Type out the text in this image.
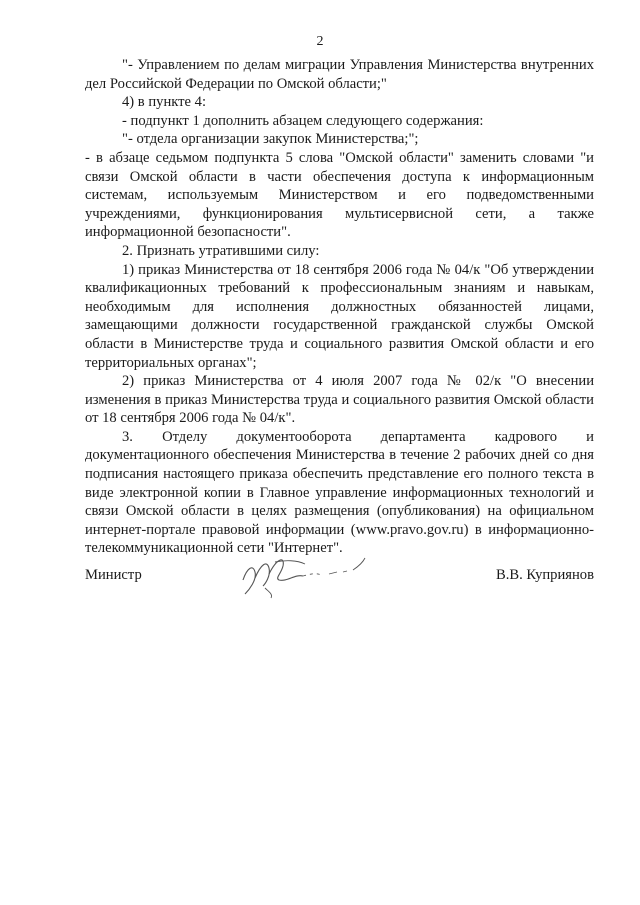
2

"- Управлением по делам миграции Управления Министерства внутренних дел Российской Федерации по Омской области;"

4) в пункте 4:

- подпункт 1 дополнить абзацем следующего содержания:

"- отдела организации закупок Министерства;";

- в абзаце седьмом подпункта 5 слова "Омской области" заменить словами "и связи Омской области в части обеспечения доступа к информационным системам, используемым Министерством и его подведомственными учреждениями, функционирования мультисервисной сети, а также информационной безопасности".

2. Признать утратившими силу:

1) приказ Министерства от 18 сентября 2006 года № 04/к "Об утверждении квалификационных требований к профессиональным знаниям и навыкам, необходимым для исполнения должностных обязанностей лицами, замещающими должности государственной гражданской службы Омской области в Министерстве труда и социального развития Омской области и его территориальных органах";

2) приказ Министерства от 4 июля 2007 года № 02/к "О внесении изменения в приказ Министерства труда и социального развития Омской области от 18 сентября 2006 года № 04/к".

3. Отделу документооборота департамента кадрового и документационного обеспечения Министерства в течение 2 рабочих дней со дня подписания настоящего приказа обеспечить представление его полного текста в виде электронной копии в Главное управление информационных технологий и связи Омской области в целях размещения (опубликования) на официальном интернет-портале правовой информации (www.pravo.gov.ru) в информационно-телекоммуникационной сети "Интернет".

Министр	В.В. Куприянов
